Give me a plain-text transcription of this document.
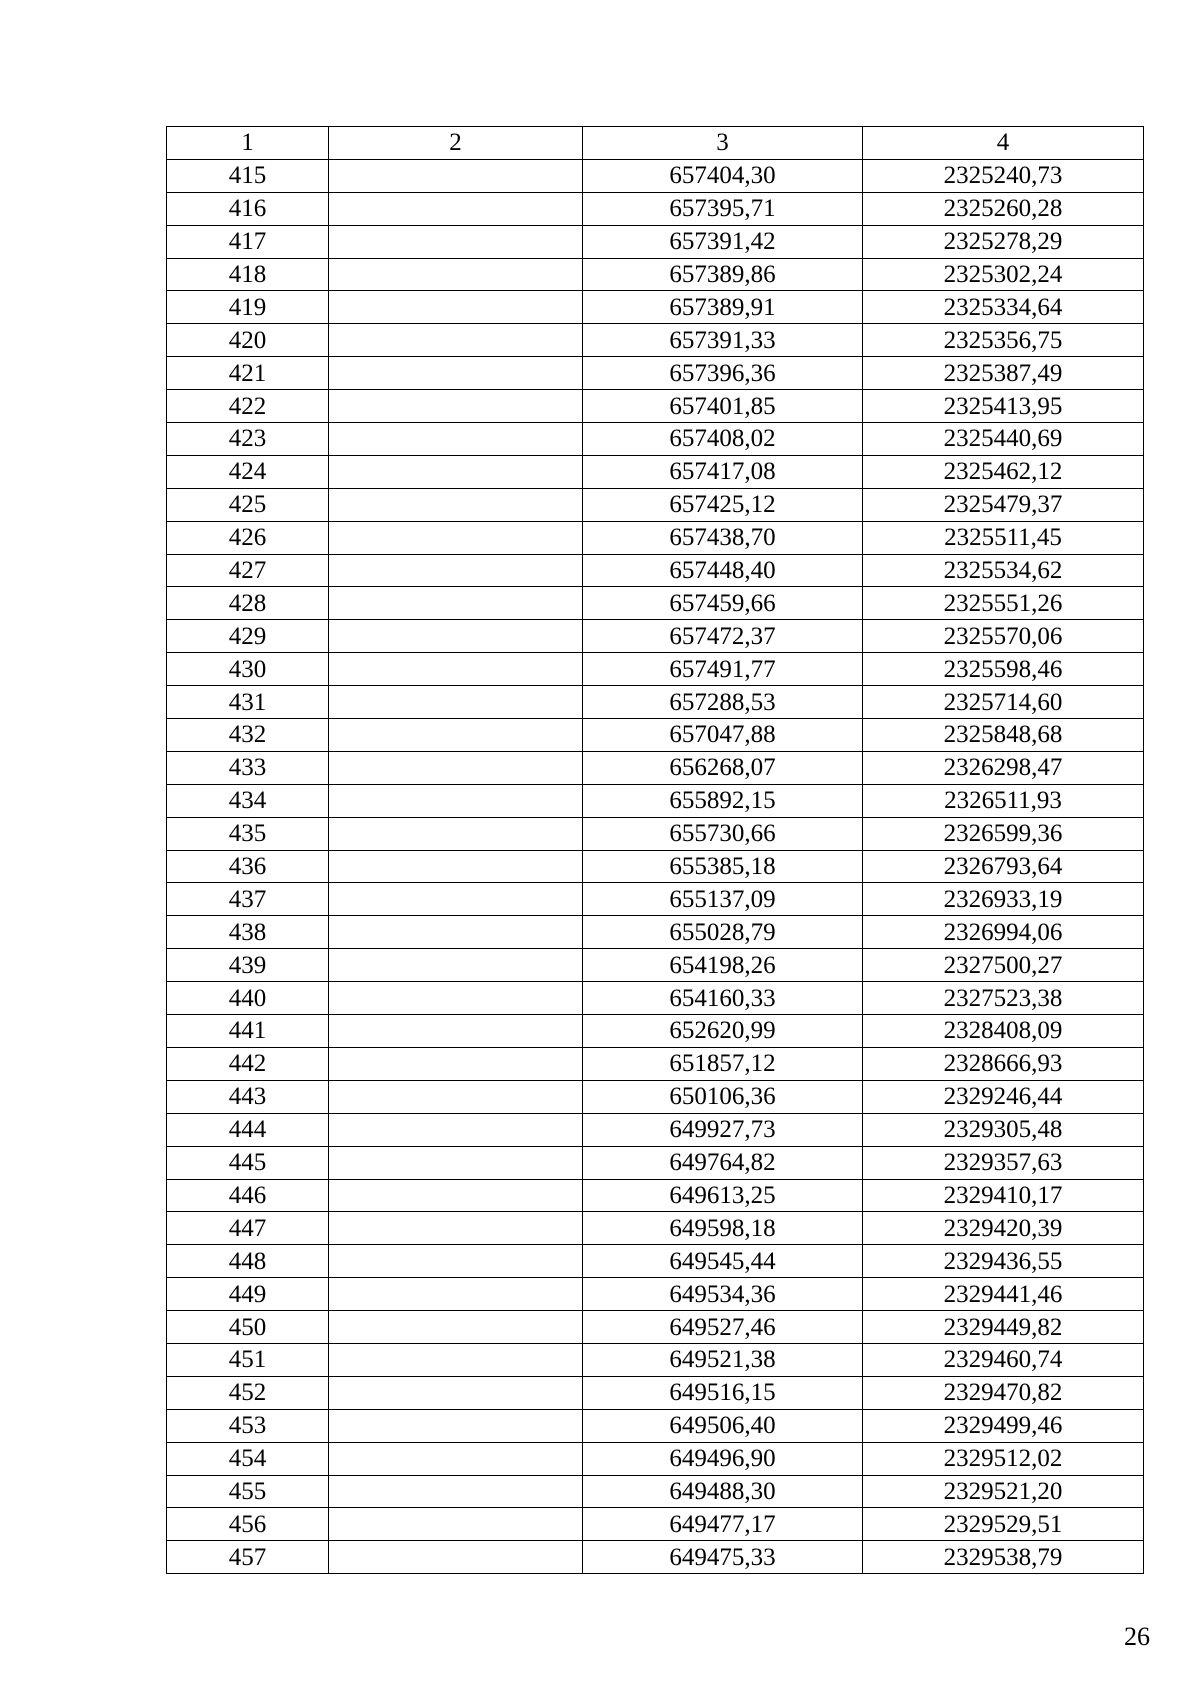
1	2	3	4
415		657404,30	2325240,73
416		657395,71	2325260,28
417		657391,42	2325278,29
418		657389,86	2325302,24
419		657389,91	2325334,64
420		657391,33	2325356,75
421		657396,36	2325387,49
422		657401,85	2325413,95
423		657408,02	2325440,69
424		657417,08	2325462,12
425		657425,12	2325479,37
426		657438,70	2325511,45
427		657448,40	2325534,62
428		657459,66	2325551,26
429		657472,37	2325570,06
430		657491,77	2325598,46
431		657288,53	2325714,60
432		657047,88	2325848,68
433		656268,07	2326298,47
434		655892,15	2326511,93
435		655730,66	2326599,36
436		655385,18	2326793,64
437		655137,09	2326933,19
438		655028,79	2326994,06
439		654198,26	2327500,27
440		654160,33	2327523,38
441		652620,99	2328408,09
442		651857,12	2328666,93
443		650106,36	2329246,44
444		649927,73	2329305,48
445		649764,82	2329357,63
446		649613,25	2329410,17
447		649598,18	2329420,39
448		649545,44	2329436,55
449		649534,36	2329441,46
450		649527,46	2329449,82
451		649521,38	2329460,74
452		649516,15	2329470,82
453		649506,40	2329499,46
454		649496,90	2329512,02
455		649488,30	2329521,20
456		649477,17	2329529,51
457		649475,33	2329538,79
26
